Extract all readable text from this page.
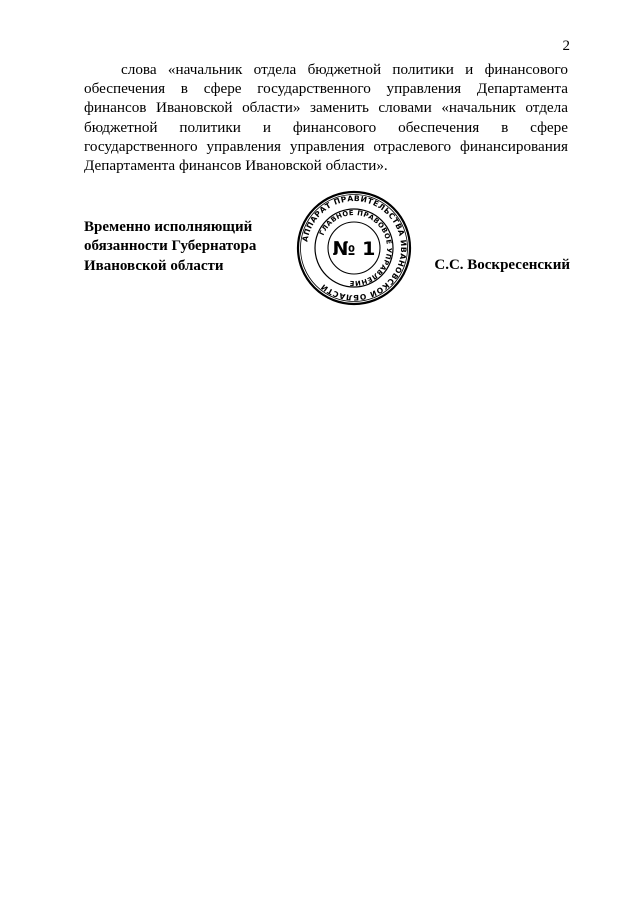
2

слова «начальник отдела бюджетной политики и финансового обеспечения в сфере государственного управления Департамента финансов Ивановской области» заменить словами «начальник отдела бюджетной политики и финансового обеспечения в сфере государственного управления управления отраслевого финансирования Департамента финансов Ивановской области».

Временно исполняющий
обязанности Губернатора
Ивановской области
АППАРАТ ПРАВИТЕЛЬСТВА ИВАНОВСКОЙ ОБЛАСТИ
ГЛАВНОЕ ПРАВОВОЕ УПРАВЛЕНИЕ
№ 1
С.С. Воскресенский
